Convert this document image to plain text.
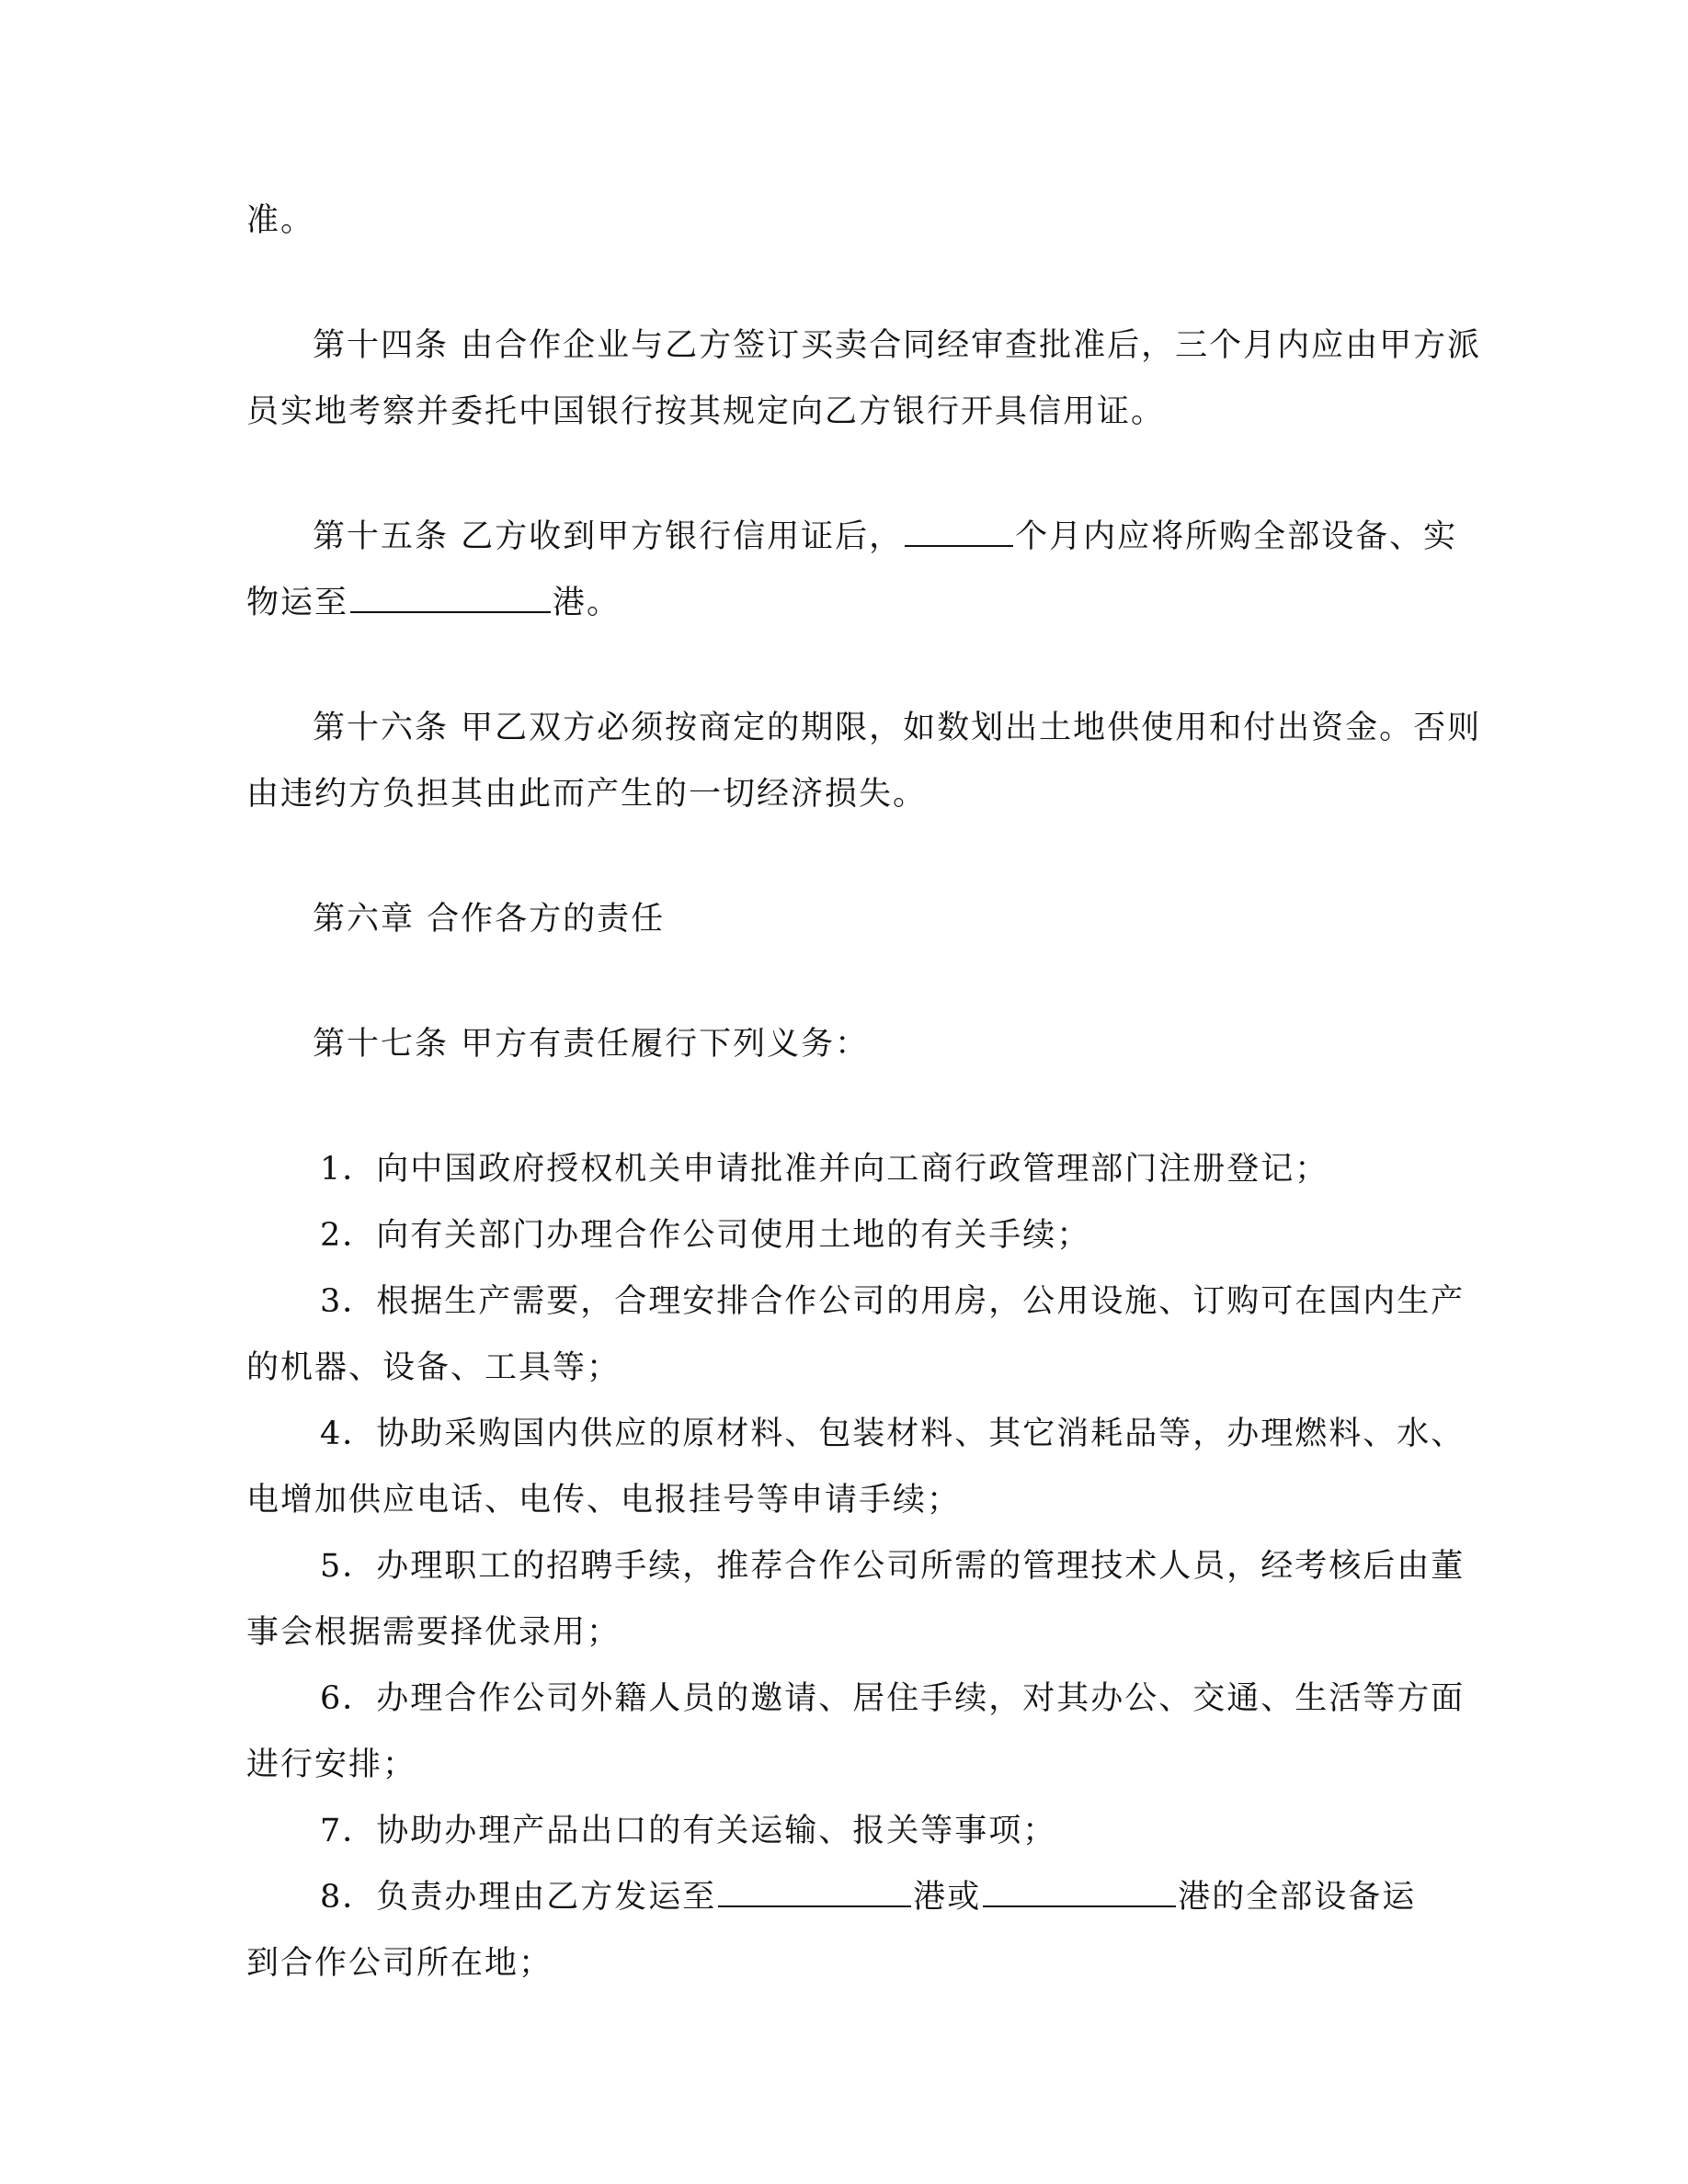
准。
第十四条 由合作企业与乙方签订买卖合同经审查批准后，三个月内应由甲方派
员实地考察并委托中国银行按其规定向乙方银行开具信用证。
第十五条 乙方收到甲方银行信用证后，	个月内应将所购全部设备、实
物运至	港。
第十六条 甲乙双方必须按商定的期限，如数划出土地供使用和付出资金。否则
由违约方负担其由此而产生的一切经济损失。
第六章 合作各方的责任
第十七条 甲方有责任履行下列义务：
1．向中国政府授权机关申请批准并向工商行政管理部门注册登记；
2．向有关部门办理合作公司使用土地的有关手续；
3．根据生产需要，合理安排合作公司的用房，公用设施、订购可在国内生产
的机器、设备、工具等；
4．协助采购国内供应的原材料、包装材料、其它消耗品等，办理燃料、水、
电增加供应电话、电传、电报挂号等申请手续；
5．办理职工的招聘手续，推荐合作公司所需的管理技术人员，经考核后由董
事会根据需要择优录用；
6．办理合作公司外籍人员的邀请、居住手续，对其办公、交通、生活等方面
进行安排；
7．协助办理产品出口的有关运输、报关等事项；
8．负责办理由乙方发运至	港或	港的全部设备运
到合作公司所在地；
